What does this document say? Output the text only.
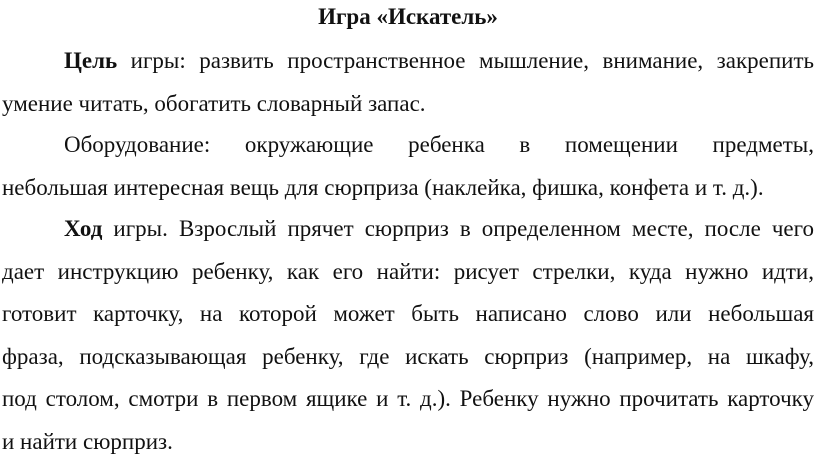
Игра «Искатель»
Цель игры: развить пространственное мышление, внимание, закрепить
умение читать, обогатить словарный запас.
Оборудование: окружающие ребенка в помещении предметы,
небольшая интересная вещь для сюрприза (наклейка, фишка, конфета и т. д.).
Ход игры. Взрослый прячет сюрприз в определенном месте, после чего
дает инструкцию ребенку, как его найти: рисует стрелки, куда нужно идти,
готовит карточку, на которой может быть написано слово или небольшая
фраза, подсказывающая ребенку, где искать сюрприз (например, на шкафу,
под столом, смотри в первом ящике и т. д.). Ребенку нужно прочитать карточку
и найти сюрприз.
